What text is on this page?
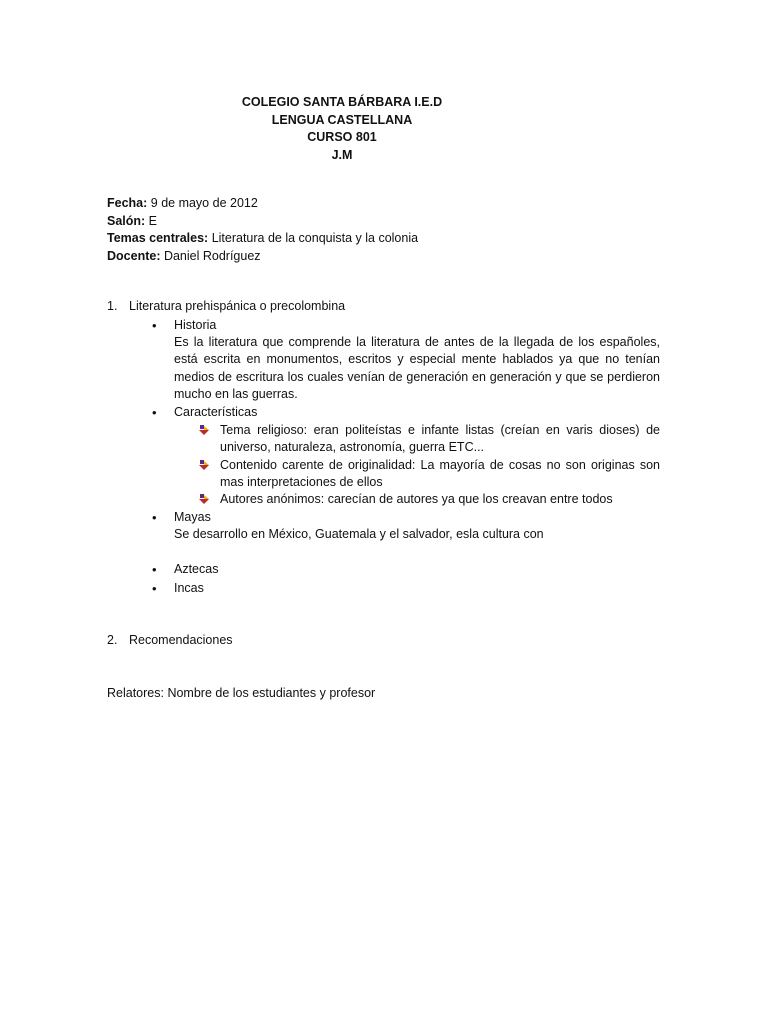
COLEGIO SANTA BÁRBARA I.E.D
LENGUA CASTELLANA
CURSO 801
J.M
Fecha: 9 de mayo de 2012
Salón: E
Temas centrales: Literatura de la conquista y la colonia
Docente: Daniel Rodríguez
1. Literatura prehispánica o precolombina
• Historia
Es la literatura que comprende la literatura de antes de la llegada de los españoles,
está escrita en monumentos, escritos y especial mente hablados ya que no tenían
medios de escritura los cuales venían de generación en generación y que se perdieron
mucho en las guerras.
• Características
Tema religioso: eran politeístas e infante listas (creían en varis dioses) de
universo, naturaleza, astronomía, guerra ETC...
Contenido carente de originalidad: La mayoría de cosas no son originas son
mas interpretaciones de ellos
Autores anónimos: carecían de autores ya que los creavan entre todos
• Mayas
Se desarrollo en México, Guatemala y el salvador, esla cultura con
• Aztecas
• Incas
2. Recomendaciones
Relatores: Nombre de los estudiantes y profesor
